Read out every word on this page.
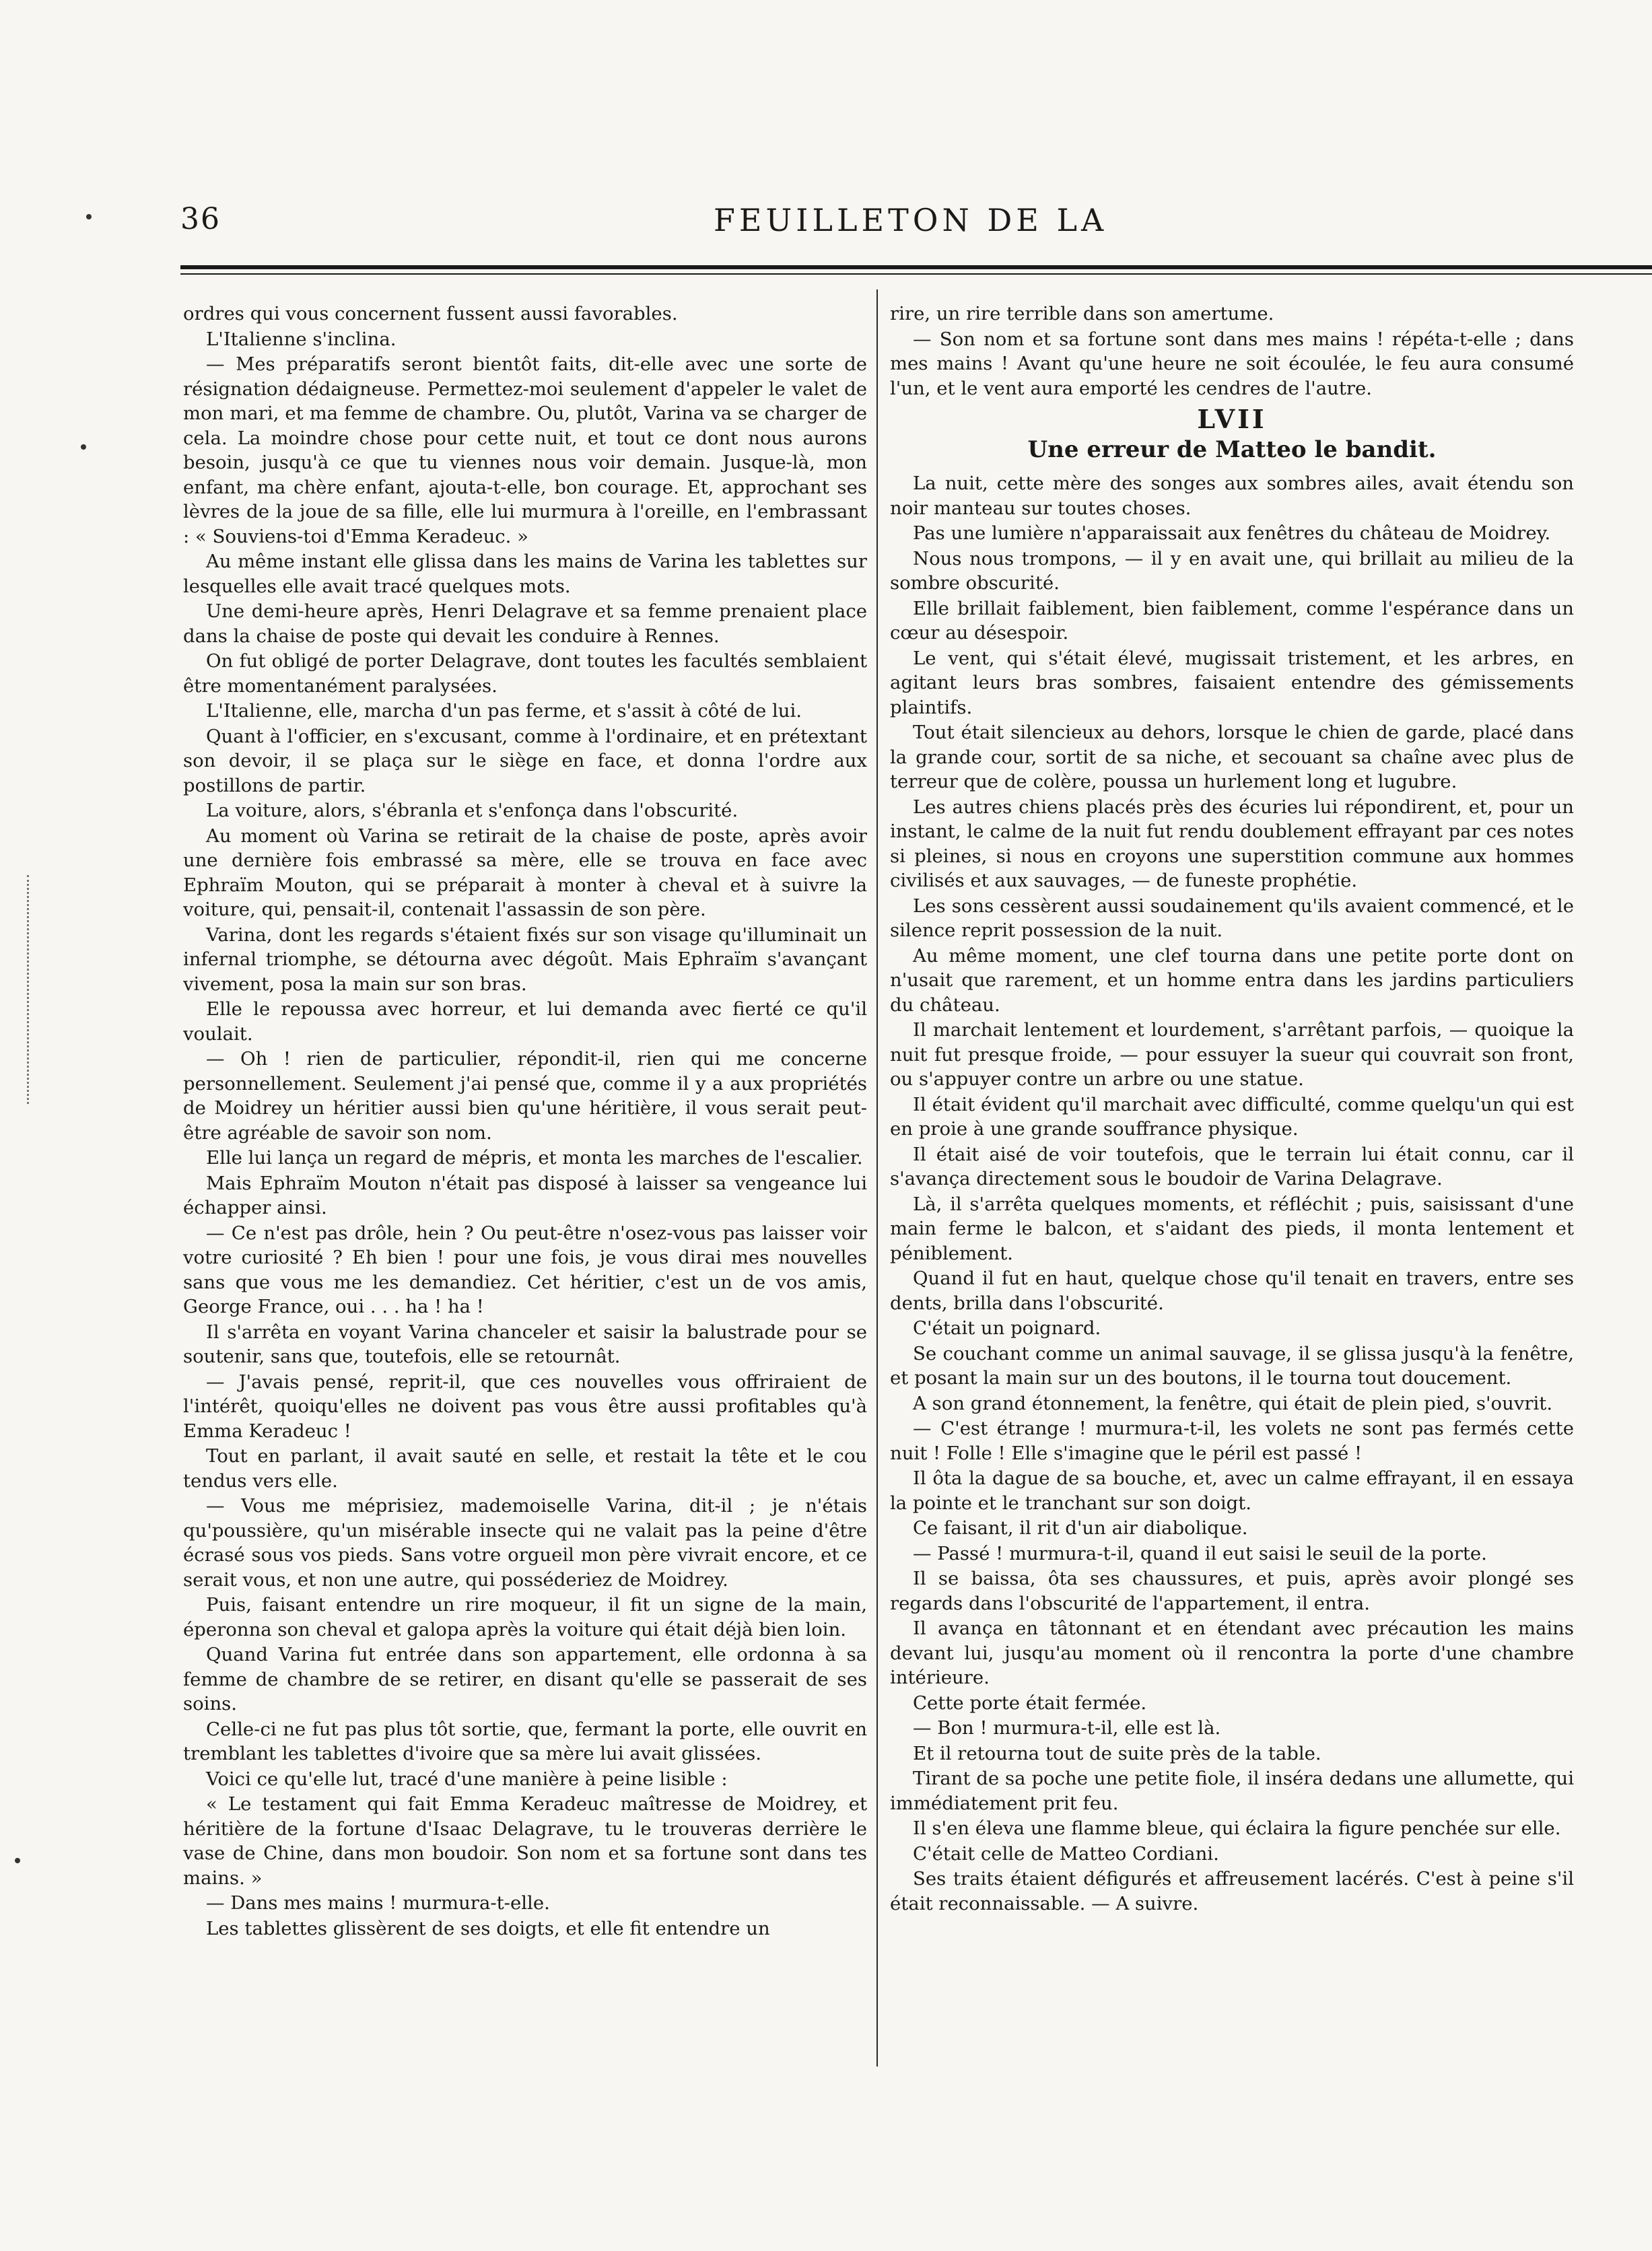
36	FEUILLETON DE LA

ordres qui vous concernent fussent aussi favorables.

L'Italienne s'inclina.

— Mes préparatifs seront bientôt faits, dit-elle avec une sorte de résignation dédaigneuse. Permettez-moi seulement d'appeler le valet de mon mari, et ma femme de chambre. Ou, plutôt, Varina va se charger de cela. La moindre chose pour cette nuit, et tout ce dont nous aurons besoin, jusqu'à ce que tu viennes nous voir demain. Jusque-là, mon enfant, ma chère enfant, ajouta-t-elle, bon courage. Et, approchant ses lèvres de la joue de sa fille, elle lui murmura à l'oreille, en l'embrassant : « Souviens-toi d'Emma Keradeuc. »

Au même instant elle glissa dans les mains de Varina les tablettes sur lesquelles elle avait tracé quelques mots.

Une demi-heure après, Henri Delagrave et sa femme prenaient place dans la chaise de poste qui devait les conduire à Rennes.

On fut obligé de porter Delagrave, dont toutes les facultés semblaient être momentanément paralysées.

L'Italienne, elle, marcha d'un pas ferme, et s'assit à côté de lui.

Quant à l'officier, en s'excusant, comme à l'ordinaire, et en prétextant son devoir, il se plaça sur le siège en face, et donna l'ordre aux postillons de partir.

La voiture, alors, s'ébranla et s'enfonça dans l'obscurité.

Au moment où Varina se retirait de la chaise de poste, après avoir une dernière fois embrassé sa mère, elle se trouva en face avec Ephraïm Mouton, qui se préparait à monter à cheval et à suivre la voiture, qui, pensait-il, contenait l'assassin de son père.

Varina, dont les regards s'étaient fixés sur son visage qu'illuminait un infernal triomphe, se détourna avec dégoût. Mais Ephraïm s'avançant vivement, posa la main sur son bras.

Elle le repoussa avec horreur, et lui demanda avec fierté ce qu'il voulait.

— Oh ! rien de particulier, répondit-il, rien qui me concerne personnellement. Seulement j'ai pensé que, comme il y a aux propriétés de Moidrey un héritier aussi bien qu'une héritière, il vous serait peut-être agréable de savoir son nom.

Elle lui lança un regard de mépris, et monta les marches de l'escalier.

Mais Ephraïm Mouton n'était pas disposé à laisser sa vengeance lui échapper ainsi.

— Ce n'est pas drôle, hein ? Ou peut-être n'osez-vous pas laisser voir votre curiosité ? Eh bien ! pour une fois, je vous dirai mes nouvelles sans que vous me les demandiez. Cet héritier, c'est un de vos amis, George France, oui . . . ha ! ha !

Il s'arrêta en voyant Varina chanceler et saisir la balustrade pour se soutenir, sans que, toutefois, elle se retournât.

— J'avais pensé, reprit-il, que ces nouvelles vous offriraient de l'intérêt, quoiqu'elles ne doivent pas vous être aussi profitables qu'à Emma Keradeuc !

Tout en parlant, il avait sauté en selle, et restait la tête et le cou tendus vers elle.

— Vous me méprisiez, mademoiselle Varina, dit-il ; je n'étais qu'poussière, qu'un misérable insecte qui ne valait pas la peine d'être écrasé sous vos pieds. Sans votre orgueil mon père vivrait encore, et ce serait vous, et non une autre, qui posséderiez de Moidrey.

Puis, faisant entendre un rire moqueur, il fit un signe de la main, éperonna son cheval et galopa après la voiture qui était déjà bien loin.

Quand Varina fut entrée dans son appartement, elle ordonna à sa femme de chambre de se retirer, en disant qu'elle se passerait de ses soins.

Celle-ci ne fut pas plus tôt sortie, que, fermant la porte, elle ouvrit en tremblant les tablettes d'ivoire que sa mère lui avait glissées.

Voici ce qu'elle lut, tracé d'une manière à peine lisible :

« Le testament qui fait Emma Keradeuc maîtresse de Moidrey, et héritière de la fortune d'Isaac Delagrave, tu le trouveras derrière le vase de Chine, dans mon boudoir. Son nom et sa fortune sont dans tes mains. »

— Dans mes mains ! murmura-t-elle.

Les tablettes glissèrent de ses doigts, et elle fit entendre un

rire, un rire terrible dans son amertume.

— Son nom et sa fortune sont dans mes mains ! répéta-t-elle ; dans mes mains ! Avant qu'une heure ne soit écoulée, le feu aura consumé l'un, et le vent aura emporté les cendres de l'autre.

LVII
Une erreur de Matteo le bandit.

La nuit, cette mère des songes aux sombres ailes, avait étendu son noir manteau sur toutes choses.

Pas une lumière n'apparaissait aux fenêtres du château de Moidrey.

Nous nous trompons, — il y en avait une, qui brillait au milieu de la sombre obscurité.

Elle brillait faiblement, bien faiblement, comme l'espérance dans un cœur au désespoir.

Le vent, qui s'était élevé, mugissait tristement, et les arbres, en agitant leurs bras sombres, faisaient entendre des gémissements plaintifs.

Tout était silencieux au dehors, lorsque le chien de garde, placé dans la grande cour, sortit de sa niche, et secouant sa chaîne avec plus de terreur que de colère, poussa un hurlement long et lugubre.

Les autres chiens placés près des écuries lui répondirent, et, pour un instant, le calme de la nuit fut rendu doublement effrayant par ces notes si pleines, si nous en croyons une superstition commune aux hommes civilisés et aux sauvages, — de funeste prophétie.

Les sons cessèrent aussi soudainement qu'ils avaient commencé, et le silence reprit possession de la nuit.

Au même moment, une clef tourna dans une petite porte dont on n'usait que rarement, et un homme entra dans les jardins particuliers du château.

Il marchait lentement et lourdement, s'arrêtant parfois, — quoique la nuit fut presque froide, — pour essuyer la sueur qui couvrait son front, ou s'appuyer contre un arbre ou une statue.

Il était évident qu'il marchait avec difficulté, comme quelqu'un qui est en proie à une grande souffrance physique.

Il était aisé de voir toutefois, que le terrain lui était connu, car il s'avança directement sous le boudoir de Varina Delagrave.

Là, il s'arrêta quelques moments, et réfléchit ; puis, saisissant d'une main ferme le balcon, et s'aidant des pieds, il monta lentement et péniblement.

Quand il fut en haut, quelque chose qu'il tenait en travers, entre ses dents, brilla dans l'obscurité.

C'était un poignard.

Se couchant comme un animal sauvage, il se glissa jusqu'à la fenêtre, et posant la main sur un des boutons, il le tourna tout doucement.

A son grand étonnement, la fenêtre, qui était de plein pied, s'ouvrit.

— C'est étrange ! murmura-t-il, les volets ne sont pas fermés cette nuit ! Folle ! Elle s'imagine que le péril est passé !

Il ôta la dague de sa bouche, et, avec un calme effrayant, il en essaya la pointe et le tranchant sur son doigt.

Ce faisant, il rit d'un air diabolique.

— Passé ! murmura-t-il, quand il eut saisi le seuil de la porte.

Il se baissa, ôta ses chaussures, et puis, après avoir plongé ses regards dans l'obscurité de l'appartement, il entra.

Il avança en tâtonnant et en étendant avec précaution les mains devant lui, jusqu'au moment où il rencontra la porte d'une chambre intérieure.

Cette porte était fermée.

— Bon ! murmura-t-il, elle est là.

Et il retourna tout de suite près de la table.

Tirant de sa poche une petite fiole, il inséra dedans une allumette, qui immédiatement prit feu.

Il s'en éleva une flamme bleue, qui éclaira la figure penchée sur elle.

C'était celle de Matteo Cordiani.

Ses traits étaient défigurés et affreusement lacérés. C'est à peine s'il était reconnaissable. — A suivre.
